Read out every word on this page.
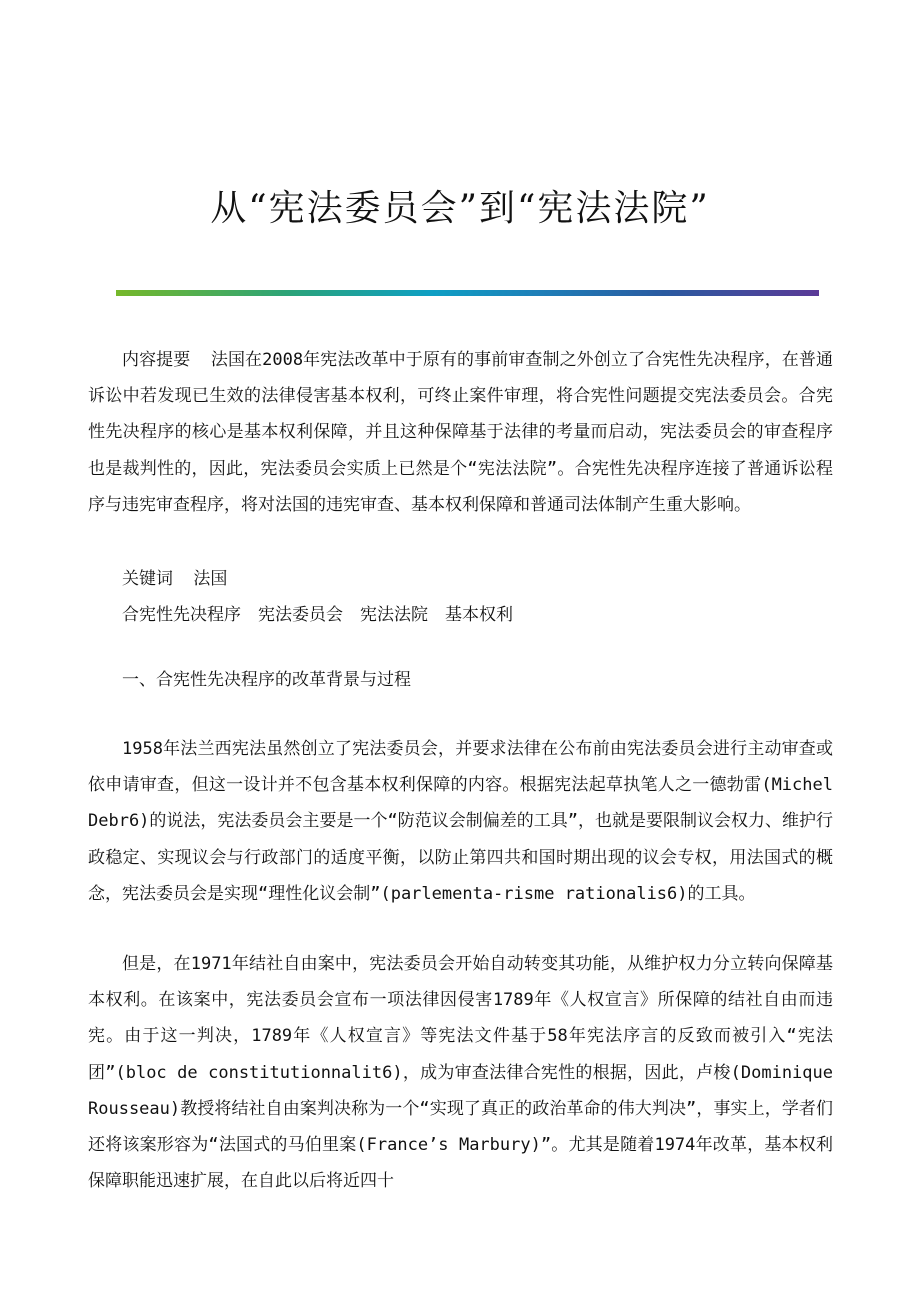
从“宪法委员会”到“宪法法院”

内容提要 法国在2008年宪法改革中于原有的事前审查制之外创立了合宪性先决程序，在普通诉讼中若发现已生效的法律侵害基本权利，可终止案件审理，将合宪性问题提交宪法委员会。合宪性先决程序的核心是基本权利保障，并且这种保障基于法律的考量而启动，宪法委员会的审查程序也是裁判性的，因此，宪法委员会实质上已然是个“宪法法院”。合宪性先决程序连接了普通诉讼程序与违宪审查程序，将对法国的违宪审查、基本权利保障和普通司法体制产生重大影响。

关键词 法国

合宪性先决程序　宪法委员会　宪法法院　基本权利

一、合宪性先决程序的改革背景与过程

1958年法兰西宪法虽然创立了宪法委员会，并要求法律在公布前由宪法委员会进行主动审查或依申请审查，但这一设计并不包含基本权利保障的内容。根据宪法起草执笔人之一德勃雷(Michel Debr6)的说法，宪法委员会主要是一个“防范议会制偏差的工具”，也就是要限制议会权力、维护行政稳定、实现议会与行政部门的适度平衡，以防止第四共和国时期出现的议会专权，用法国式的概念，宪法委员会是实现“理性化议会制”(parlementa-risme rationalis6)的工具。

但是，在1971年结社自由案中，宪法委员会开始自动转变其功能，从维护权力分立转向保障基本权利。在该案中，宪法委员会宣布一项法律因侵害1789年《人权宣言》所保障的结社自由而违宪。由于这一判决，1789年《人权宣言》等宪法文件基于58年宪法序言的反致而被引入“宪法团”(bloc de constitutionnalit6)，成为审查法律合宪性的根据，因此，卢梭(Dominique Rousseau)教授将结社自由案判决称为一个“实现了真正的政治革命的伟大判决”，事实上，学者们还将该案形容为“法国式的马伯里案(France’s Marbury)”。尤其是随着1974年改革，基本权利保障职能迅速扩展，在自此以后将近四十
